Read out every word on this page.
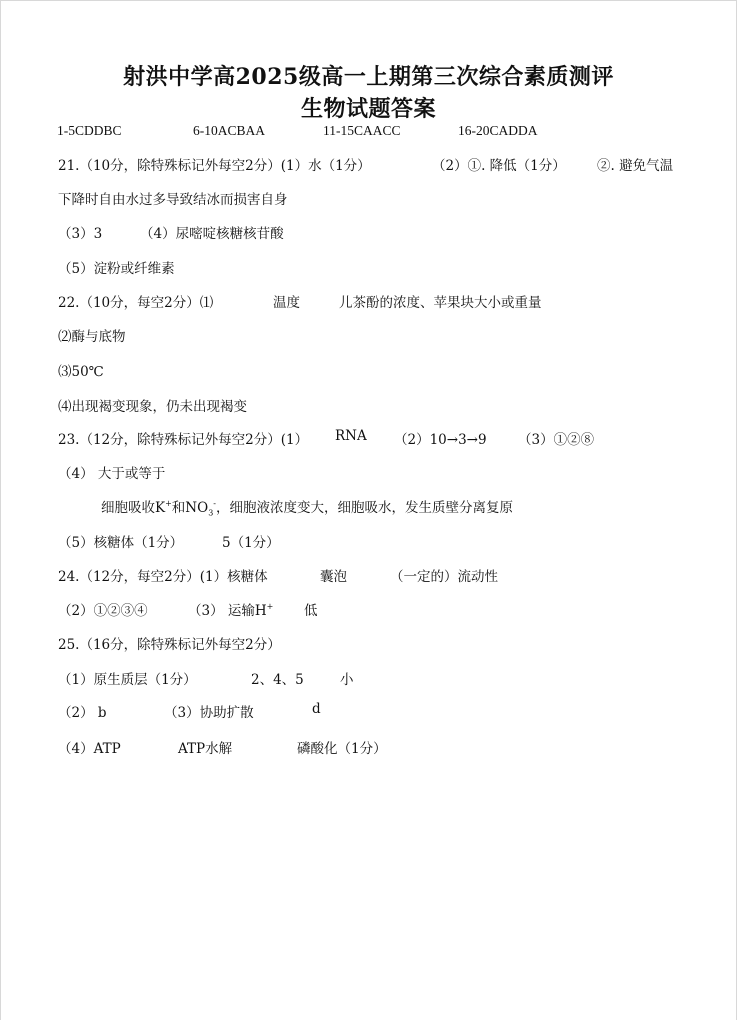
射洪中学高2025级高一上期第三次综合素质测评
生物试题答案
1-5CDDBC	6-10ACBAA	11-15CAACC	16-20CADDA
21.（10分，除特殊标记外每空2分）(1）水（1分）	（2）①. 降低（1分） ②. 避免气温
下降时自由水过多导致结冰而损害自身
（3）3	（4）尿嘧啶核糖核苷酸
（5）淀粉或纤维素
22.（10分，每空2分）⑴	温度	儿茶酚的浓度、苹果块大小或重量
⑵酶与底物
⑶50℃
⑷出现褐变现象，仍未出现褐变
23.（12分，除特殊标记外每空2分）(1） RNA （2）10→3→9 （3）①②⑧
（4） 大于或等于
细胞吸收K+和$NO_3^-$，细胞液浓度变大，细胞吸水，发生质壁分离复原
（5）核糖体（1分）	5（1分）
24.（12分，每空2分）(1）核糖体	囊泡	（一定的）流动性
（2）①②③④	（3） 运输H+ 低
25.（16分，除特殊标记外每空2分）
（1）原生质层（1分）	2、4、5	小
（2） b	（3）协助扩散	d
（4）ATP	ATP水解	磷酸化（1分）
